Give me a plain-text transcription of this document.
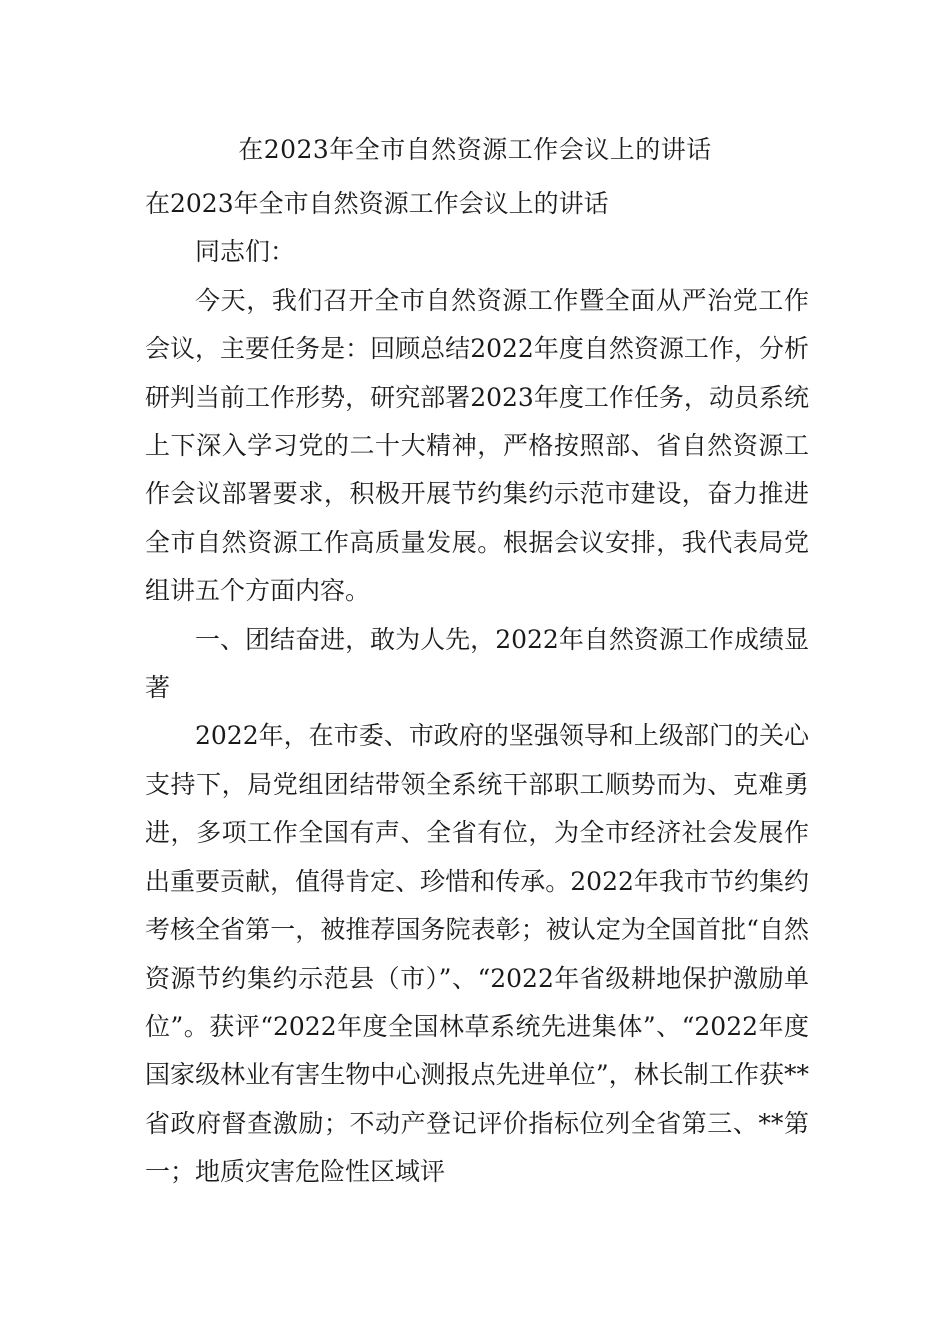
在2023年全市自然资源工作会议上的讲话

在2023年全市自然资源工作会议上的讲话

同志们：

今天，我们召开全市自然资源工作暨全面从严治党工作会议，主要任务是：回顾总结2022年度自然资源工作，分析研判当前工作形势，研究部署2023年度工作任务，动员系统上下深入学习党的二十大精神，严格按照部、省自然资源工作会议部署要求，积极开展节约集约示范市建设，奋力推进全市自然资源工作高质量发展。根据会议安排，我代表局党组讲五个方面内容。

一、团结奋进，敢为人先，2022年自然资源工作成绩显著

2022年，在市委、市政府的坚强领导和上级部门的关心支持下，局党组团结带领全系统干部职工顺势而为、克难勇进，多项工作全国有声、全省有位，为全市经济社会发展作出重要贡献，值得肯定、珍惜和传承。2022年我市节约集约考核全省第一，被推荐国务院表彰；被认定为全国首批“自然资源节约集约示范县（市）”、“2022年省级耕地保护激励单位”。获评“2022年度全国林草系统先进集体”、“2022年度国家级林业有害生物中心测报点先进单位”，林长制工作获**省政府督查激励；不动产登记评价指标位列全省第三、**第一；地质灾害危险性区域评
